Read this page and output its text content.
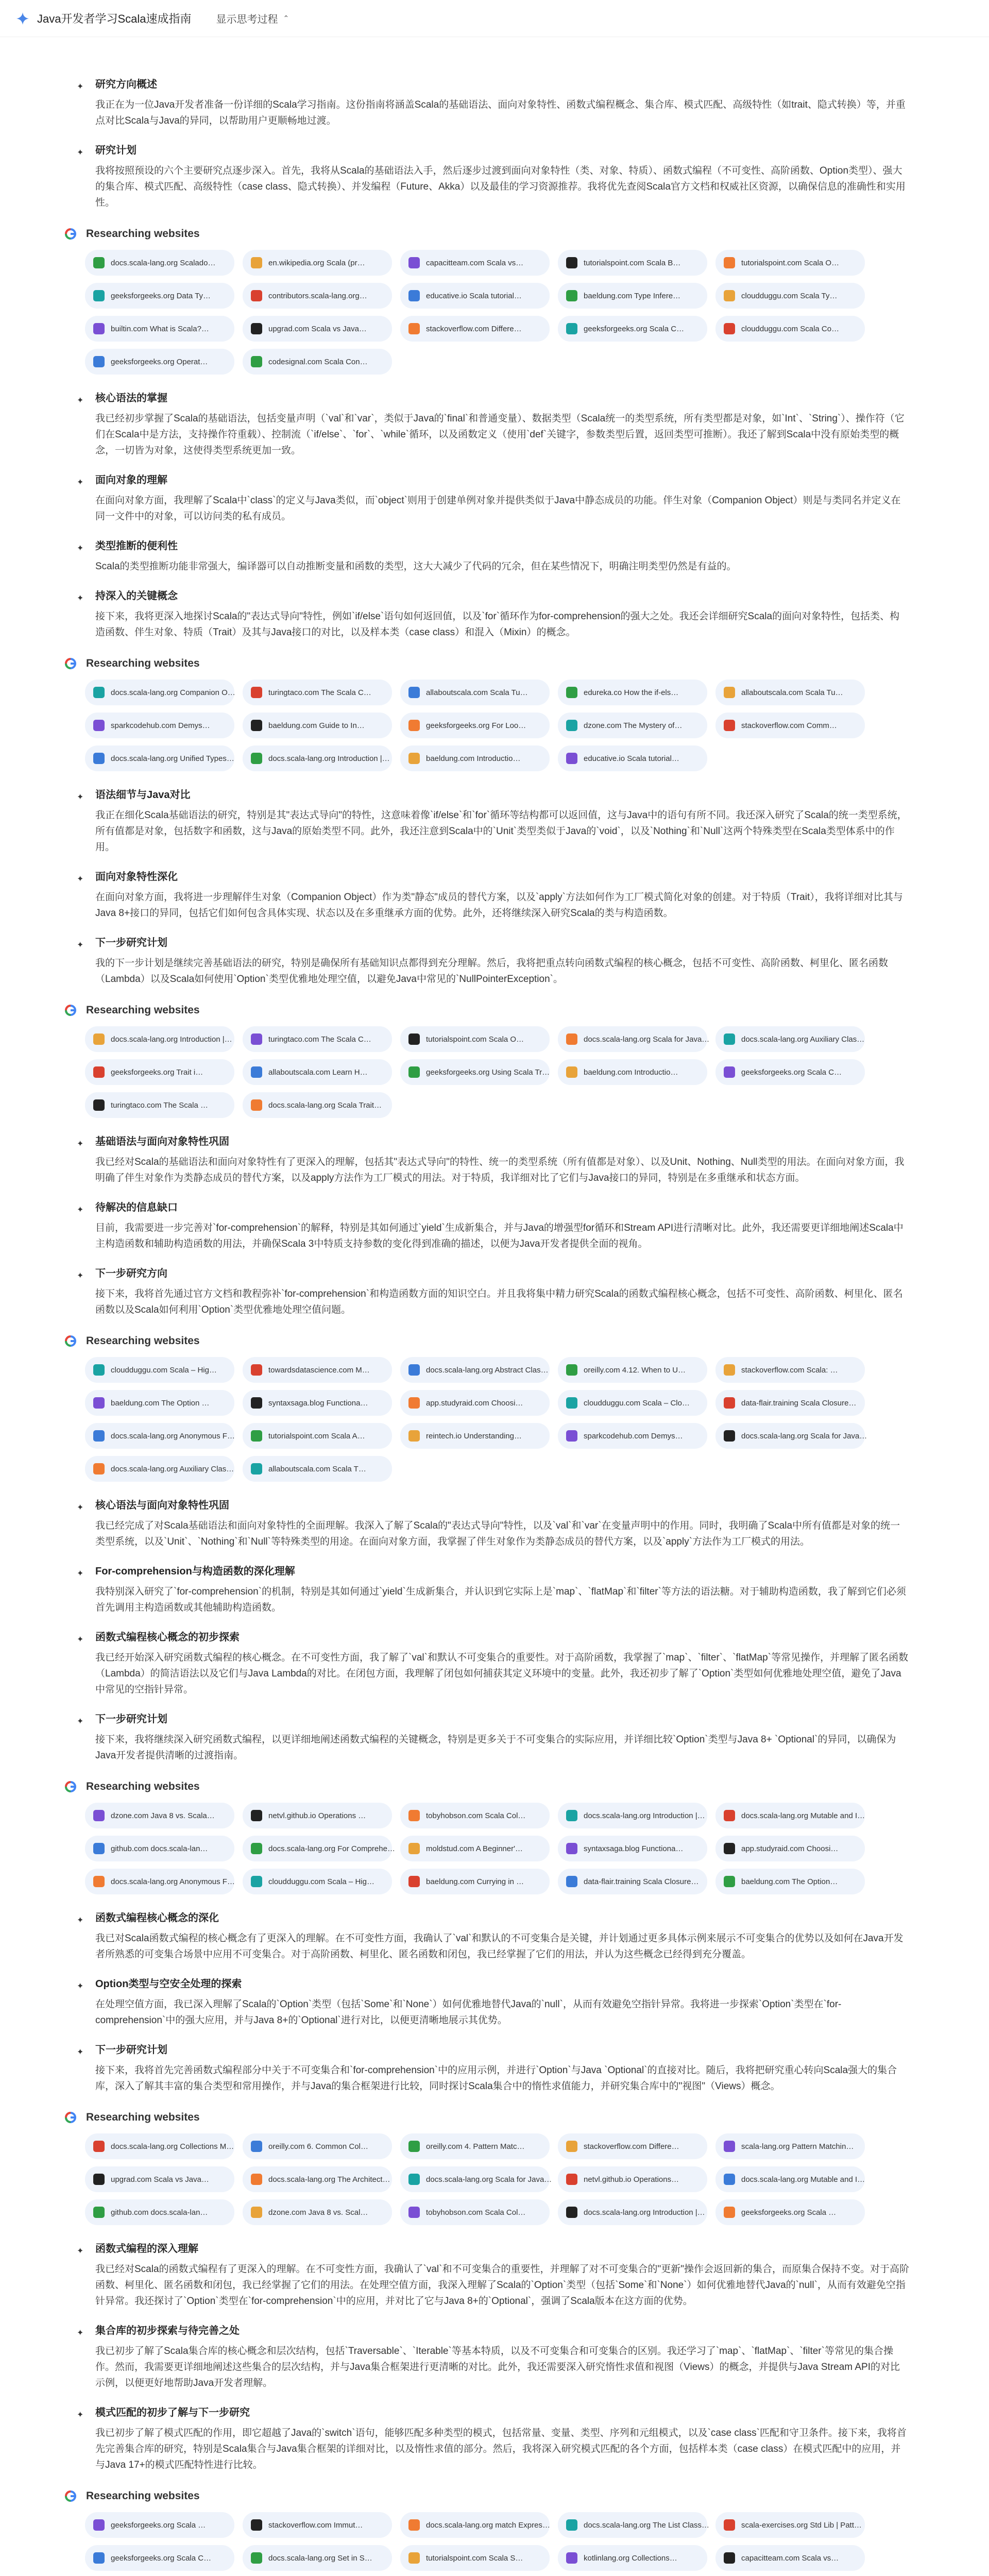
Java开发者学习Scala速成指南 显示思考过程 ⌃
✦ 研究方向概述
我正在为一位Java开发者准备一份详细的Scala学习指南。这份指南将涵盖Scala的基础语法、面向对象特性、函数式编程概念、集合库、模式匹配、高级特性（如trait、隐式转换）等，并重点对比Scala与Java的异同，以帮助用户更顺畅地过渡。
✦ 研究计划
我将按照预设的六个主要研究点逐步深入。首先，我将从Scala的基础语法入手，然后逐步过渡到面向对象特性（类、对象、特质）、函数式编程（不可变性、高阶函数、Option类型）、强大的集合库、模式匹配、高级特性（case class、隐式转换）、并发编程（Future、Akka）以及最佳的学习资源推荐。我将优先查阅Scala官方文档和权威社区资源，以确保信息的准确性和实用性。
Researching websites
docs.scala-lang.org Scalado…	en.wikipedia.org Scala (pr…	capacitteam.com Scala vs…	tutorialspoint.com Scala B…	tutorialspoint.com Scala O…
geeksforgeeks.org Data Ty…	contributors.scala-lang.org…	educative.io Scala tutorial…	baeldung.com Type Infere…	cloudduggu.com Scala Ty…
builtin.com What is Scala?…	upgrad.com Scala vs Java…	stackoverflow.com Differe…	geeksforgeeks.org Scala C…	cloudduggu.com Scala Co…
geeksforgeeks.org Operat…	codesignal.com Scala Con…
✦ 核心语法的掌握
我已经初步掌握了Scala的基础语法，包括变量声明（`val`和`var`，类似于Java的`final`和普通变量）、数据类型（Scala统一的类型系统，所有类型都是对象，如`Int`、`String`）、操作符（它们在Scala中是方法，支持操作符重载）、控制流（`if/else`、`for`、`while`循环，以及函数定义（使用`def`关键字，参数类型后置，返回类型可推断）。我还了解到Scala中没有原始类型的概念，一切皆为对象，这使得类型系统更加一致。
✦ 面向对象的理解
在面向对象方面，我理解了Scala中`class`的定义与Java类似，而`object`则用于创建单例对象并提供类似于Java中静态成员的功能。伴生对象（Companion Object）则是与类同名并定义在同一文件中的对象，可以访问类的私有成员。
✦ 类型推断的便利性
Scala的类型推断功能非常强大，编译器可以自动推断变量和函数的类型，这大大减少了代码的冗余，但在某些情况下，明确注明类型仍然是有益的。
✦ 持深入的关键概念
接下来，我将更深入地探讨Scala的"表达式导向"特性，例如`if/else`语句如何返回值，以及`for`循环作为for-comprehension的强大之处。我还会详细研究Scala的面向对象特性，包括类、构造函数、伴生对象、特质（Trait）及其与Java接口的对比，以及样本类（case class）和混入（Mixin）的概念。
Researching websites
docs.scala-lang.org Companion O…	turingtaco.com The Scala C…	allaboutscala.com Scala Tu…	edureka.co How the if-els…	allaboutscala.com Scala Tu…
sparkcodehub.com Demys…	baeldung.com Guide to In…	geeksforgeeks.org For Loo…	dzone.com The Mystery of…	stackoverflow.com Comm…
docs.scala-lang.org Unified Types…	docs.scala-lang.org Introduction |…	baeldung.com Introductio…	educative.io Scala tutorial…
✦ 语法细节与Java对比
我正在细化Scala基础语法的研究，特别是其"表达式导向"的特性，这意味着像`if/else`和`for`循环等结构都可以返回值，这与Java中的语句有所不同。我还深入研究了Scala的统一类型系统，所有值都是对象，包括数字和函数，这与Java的原始类型不同。此外，我还注意到Scala中的`Unit`类型类似于Java的`void`，以及`Nothing`和`Null`这两个特殊类型在Scala类型体系中的作用。
✦ 面向对象特性深化
在面向对象方面，我将进一步理解伴生对象（Companion Object）作为类"静态"成员的替代方案，以及`apply`方法如何作为工厂模式简化对象的创建。对于特质（Trait），我将详细对比其与Java 8+接口的异同，包括它们如何包含具体实现、状态以及在多重继承方面的优势。此外，还将继续深入研究Scala的类与构造函数。
✦ 下一步研究计划
我的下一步计划是继续完善基础语法的研究，特别是确保所有基础知识点都得到充分理解。然后，我将把重点转向函数式编程的核心概念，包括不可变性、高阶函数、柯里化、匿名函数（Lambda）以及Scala如何使用`Option`类型优雅地处理空值，以避免Java中常见的`NullPointerException`。
Researching websites
docs.scala-lang.org Introduction |…	turingtaco.com The Scala C…	tutorialspoint.com Scala O…	docs.scala-lang.org Scala for Java…	docs.scala-lang.org Auxiliary Clas…
geeksforgeeks.org Trait i…	allaboutscala.com Learn H…	geeksforgeeks.org Using Scala Tr…	baeldung.com Introductio…	geeksforgeeks.org Scala C…
turingtaco.com The Scala …	docs.scala-lang.org Scala Trait…
✦ 基础语法与面向对象特性巩固
我已经对Scala的基础语法和面向对象特性有了更深入的理解，包括其"表达式导向"的特性、统一的类型系统（所有值都是对象）、以及Unit、Nothing、Null类型的用法。在面向对象方面，我明确了伴生对象作为类静态成员的替代方案，以及apply方法作为工厂模式的用法。对于特质，我详细对比了它们与Java接口的异同，特别是在多重继承和状态方面。
✦ 待解决的信息缺口
目前，我需要进一步完善对`for-comprehension`的解释，特别是其如何通过`yield`生成新集合，并与Java的增强型for循环和Stream API进行清晰对比。此外，我还需要更详细地阐述Scala中主构造函数和辅助构造函数的用法，并确保Scala 3中特质支持参数的变化得到准确的描述，以便为Java开发者提供全面的视角。
✦ 下一步研究方向
接下来，我将首先通过官方文档和教程弥补`for-comprehension`和构造函数方面的知识空白。并且我将集中精力研究Scala的函数式编程核心概念，包括不可变性、高阶函数、柯里化、匿名函数以及Scala如何利用`Option`类型优雅地处理空值问题。
Researching websites
cloudduggu.com Scala – Hig…	towardsdatascience.com M…	docs.scala-lang.org Abstract Clas…	oreilly.com 4.12. When to U…	stackoverflow.com Scala: …
baeldung.com The Option …	syntaxsagа.blog Functiona…	app.studyraid.com Choosi…	cloudduggu.com Scala – Clo…	data-flair.training Scala Closure…
docs.scala-lang.org Anonymous F…	tutorialspoint.com Scala A…	reintech.io Understanding…	sparkcodehub.com Demys…	docs.scala-lang.org Scala for Java…
docs.scala-lang.org Auxiliary Clas…	allaboutscala.com Scala T…
✦ 核心语法与面向对象特性巩固
我已经完成了对Scala基础语法和面向对象特性的全面理解。我深入了解了Scala的"表达式导向"特性，以及`val`和`var`在变量声明中的作用。同时，我明确了Scala中所有值都是对象的统一类型系统，以及`Unit`、`Nothing`和`Null`等特殊类型的用途。在面向对象方面，我掌握了伴生对象作为类静态成员的替代方案，以及`apply`方法作为工厂模式的用法。
✦ For-comprehension与构造函数的深化理解
我特别深入研究了`for-comprehension`的机制，特别是其如何通过`yield`生成新集合，并认识到它实际上是`map`、`flatMap`和`filter`等方法的语法糖。对于辅助构造函数，我了解到它们必须首先调用主构造函数或其他辅助构造函数。
✦ 函数式编程核心概念的初步探索
我已经开始深入研究函数式编程的核心概念。在不可变性方面，我了解了`val`和默认不可变集合的重要性。对于高阶函数，我掌握了`map`、`filter`、`flatMap`等常见操作，并理解了匿名函数（Lambda）的简洁语法以及它们与Java Lambda的对比。在闭包方面，我理解了闭包如何捕获其定义环境中的变量。此外，我还初步了解了`Option`类型如何优雅地处理空值，避免了Java中常见的空指针异常。
✦ 下一步研究计划
接下来，我将继续深入研究函数式编程，以更详细地阐述函数式编程的关键概念，特别是更多关于不可变集合的实际应用，并详细比较`Option`类型与Java 8+ `Optional`的异同，以确保为Java开发者提供清晰的过渡指南。
Researching websites
dzone.com Java 8 vs. Scala…	netvl.github.io Operations …	tobyhobson.com Scala Col…	docs.scala-lang.org Introduction |…	docs.scala-lang.org Mutable and I…
github.com docs.scala-lan…	docs.scala-lang.org For Comprehe…	moldstud.com A Beginner'…	syntaxsagа.blog Functiona…	app.studyraid.com Choosi…
docs.scala-lang.org Anonymous F…	cloudduggu.com Scala – Hig…	baeldung.com Currying in …	data-flair.training Scala Closure…	baeldung.com The Option…
✦ 函数式编程核心概念的深化
我已对Scala函数式编程的核心概念有了更深入的理解。在不可变性方面，我确认了`val`和默认的不可变集合是关键，并计划通过更多具体示例来展示不可变集合的优势以及如何在Java开发者所熟悉的可变集合场景中应用不可变集合。对于高阶函数、柯里化、匿名函数和闭包，我已经掌握了它们的用法，并认为这些概念已经得到充分覆盖。
✦ Option类型与空安全处理的探索
在处理空值方面，我已深入理解了Scala的`Option`类型（包括`Some`和`None`）如何优雅地替代Java的`null`，从而有效避免空指针异常。我将进一步探索`Option`类型在`for-comprehension`中的强大应用，并与Java 8+的`Optional`进行对比，以便更清晰地展示其优势。
✦ 下一步研究计划
接下来，我将首先完善函数式编程部分中关于不可变集合和`for-comprehension`中的应用示例，并进行`Option`与Java `Optional`的直接对比。随后，我将把研究重心转向Scala强大的集合库，深入了解其丰富的集合类型和常用操作，并与Java的集合框架进行比较，同时探讨Scala集合中的惰性求值能力，并研究集合库中的"视图"（Views）概念。
Researching websites
docs.scala-lang.org Collections M…	oreilly.com 6. Common Col…	oreilly.com 4. Pattern Matc…	stackoverflow.com Differe…	scala-lang.org Pattern Matchin…
upgrad.com Scala vs Java…	docs.scala-lang.org The Architect…	docs.scala-lang.org Scala for Java…	netvl.github.io Operations…	docs.scala-lang.org Mutable and I…
github.com docs.scala-lan…	dzone.com Java 8 vs. Scal…	tobyhobson.com Scala Col…	docs.scala-lang.org Introduction |…	geeksforgeeks.org Scala …
✦ 函数式编程的深入理解
我已经对Scala的函数式编程有了更深入的理解。在不可变性方面，我确认了`val`和不可变集合的重要性，并理解了对不可变集合的"更新"操作会返回新的集合，而原集合保持不变。对于高阶函数、柯里化、匿名函数和闭包，我已经掌握了它们的用法。在处理空值方面，我深入理解了Scala的`Option`类型（包括`Some`和`None`）如何优雅地替代Java的`null`，从而有效避免空指针异常。我还探讨了`Option`类型在`for-comprehension`中的应用，并对比了它与Java 8+的`Optional`，强调了Scala版本在这方面的优势。
✦ 集合库的初步探索与待完善之处
我已初步了解了Scala集合库的核心概念和层次结构，包括`Traversable`、`Iterable`等基本特质，以及不可变集合和可变集合的区别。我还学习了`map`、`flatMap`、`filter`等常见的集合操作。然而，我需要更详细地阐述这些集合的层次结构，并与Java集合框架进行更清晰的对比。此外，我还需要深入研究惰性求值和视图（Views）的概念，并提供与Java Stream API的对比示例，以便更好地帮助Java开发者理解。
✦ 模式匹配的初步了解与下一步研究
我已初步了解了模式匹配的作用，即它超越了Java的`switch`语句，能够匹配多种类型的模式，包括常量、变量、类型、序列和元组模式，以及`case class`匹配和守卫条件。接下来，我将首先完善集合库的研究，特别是Scala集合与Java集合框架的详细对比，以及惰性求值的部分。然后，我将深入研究模式匹配的各个方面，包括样本类（case class）在模式匹配中的应用，并与Java 17+的模式匹配特性进行比较。
Researching websites
geeksforgeeks.org Scala …	stackoverflow.com Immut…	docs.scala-lang.org match Expres…	docs.scala-lang.org The List Class…	scala-exercises.org Std Lib | Patt…
geeksforgeeks.org Scala C…	docs.scala-lang.org Set in S…	tutorialspoint.com Scala S…	kotlinlang.org Collections…	capacitteam.com Scala vs…
